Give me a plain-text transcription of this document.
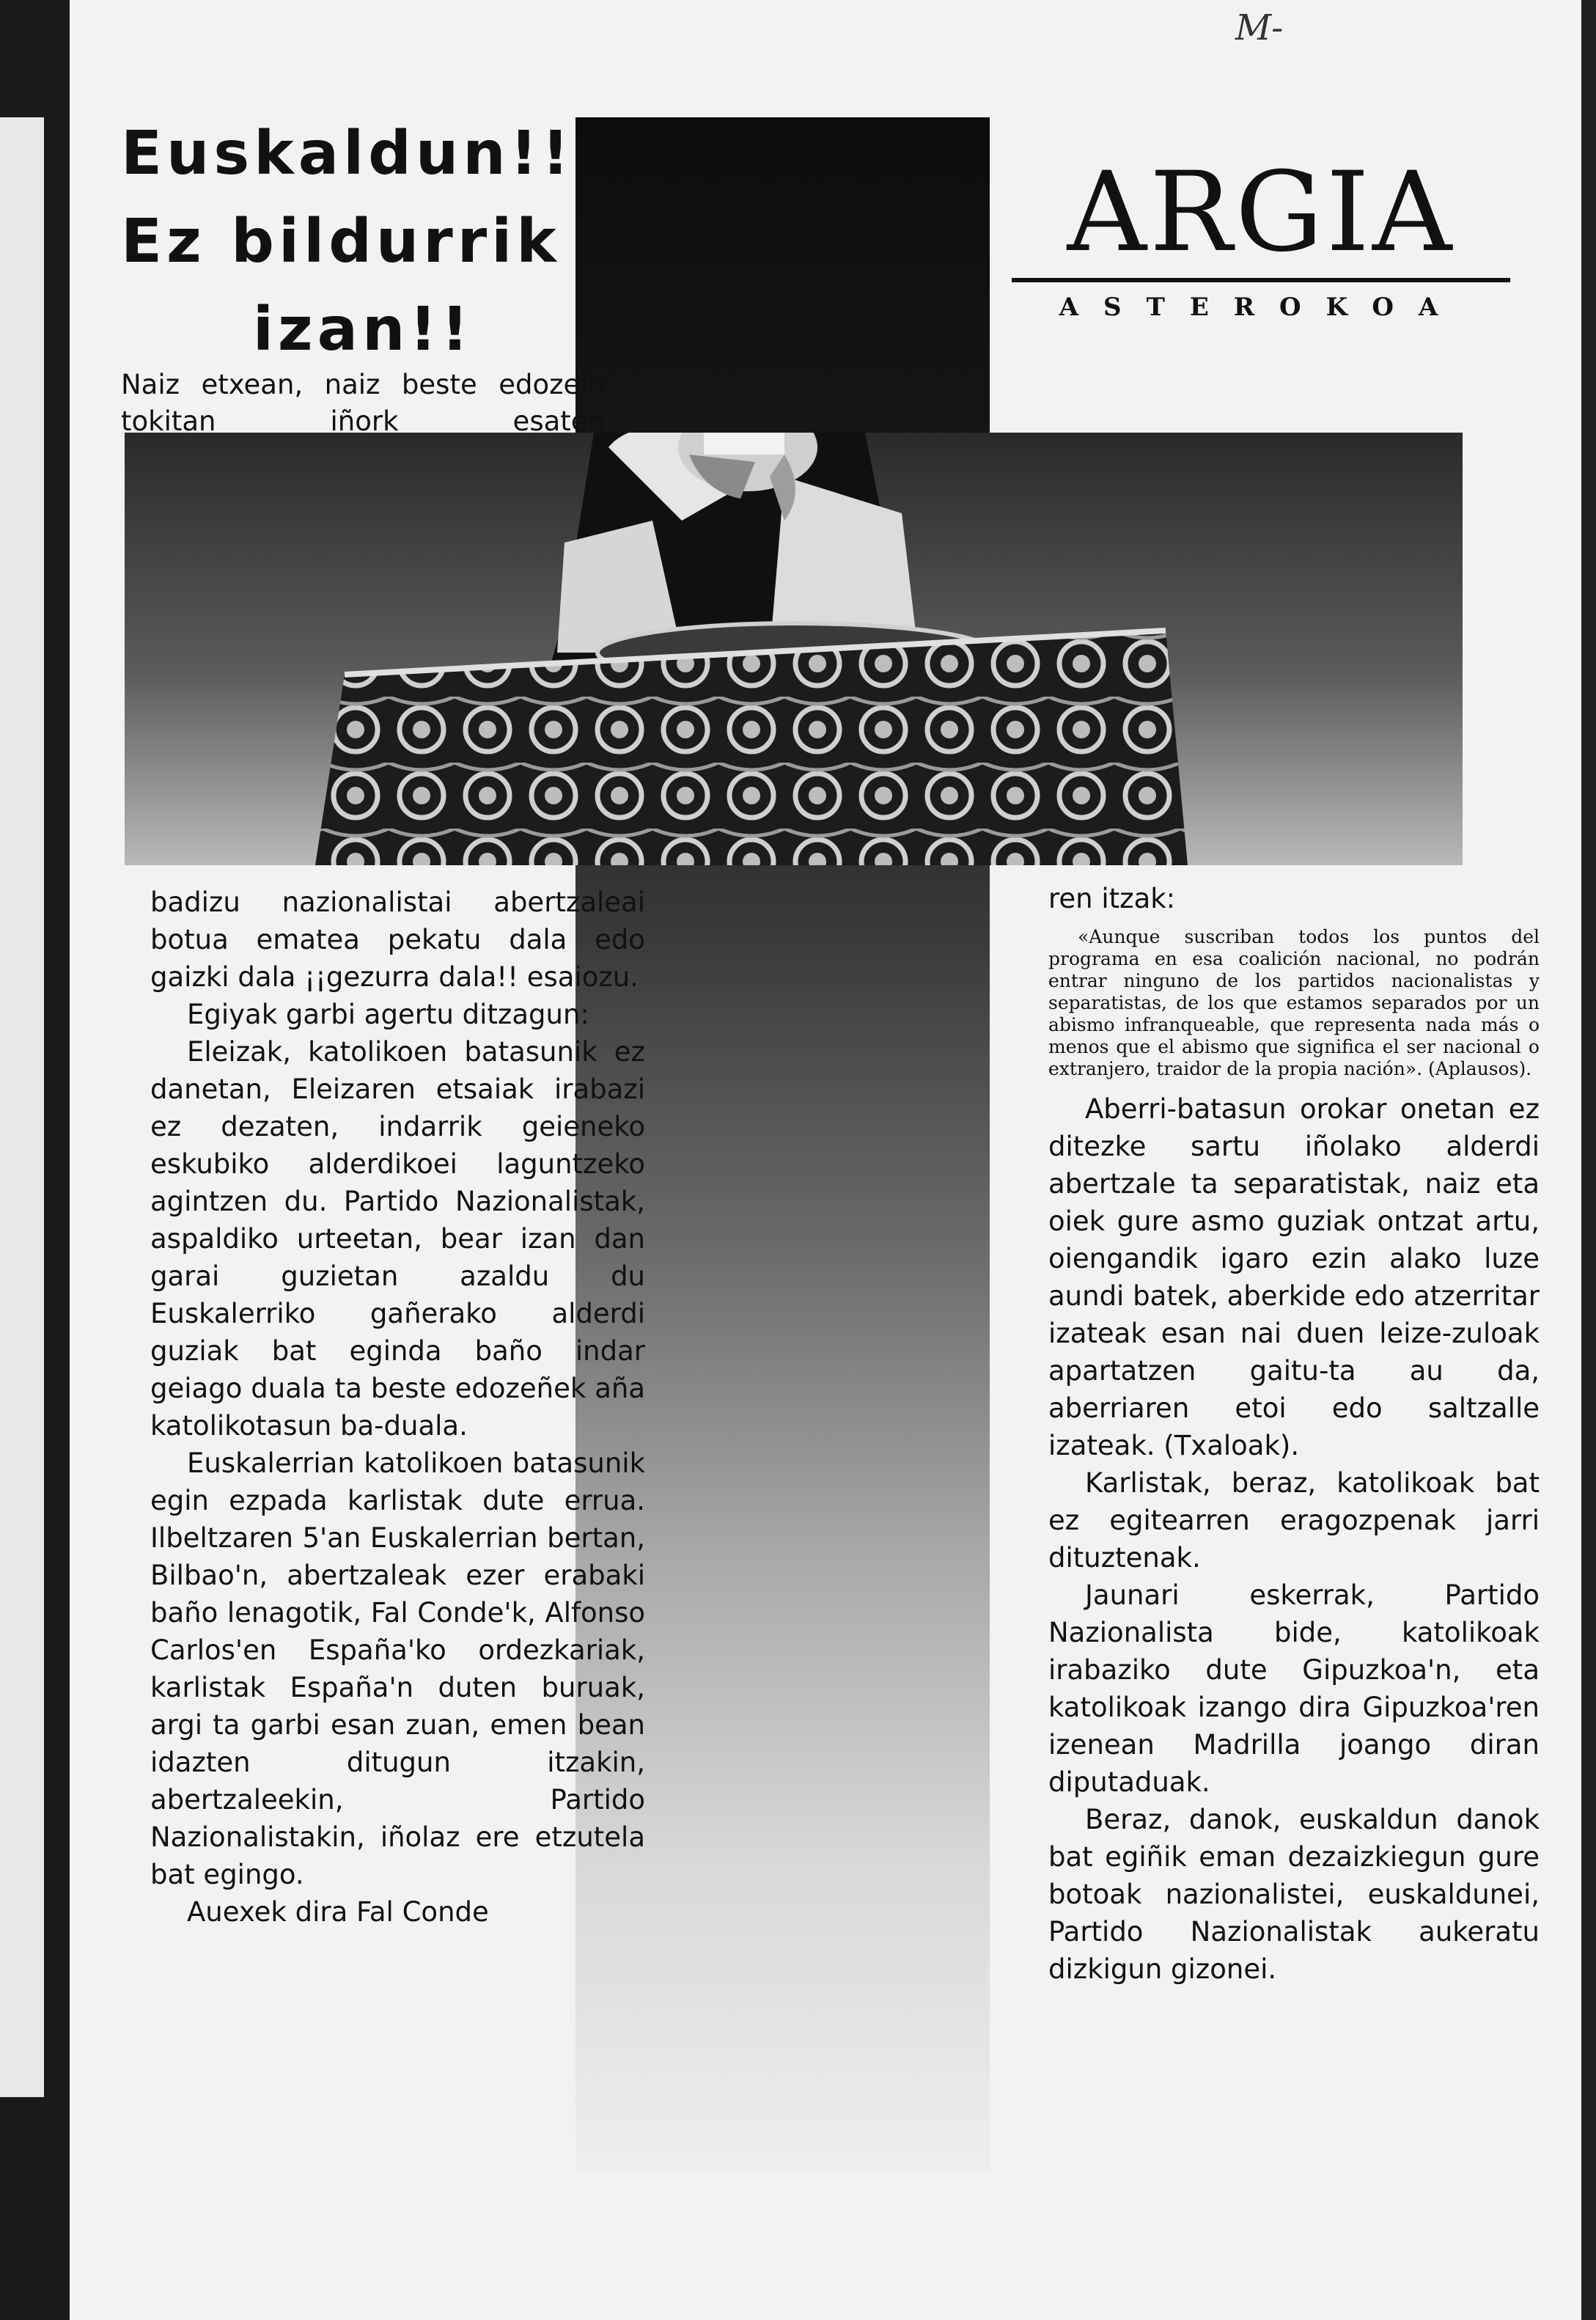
Euskaldun!!
Ez bildurrik
izan!!
Naiz etxean, naiz beste edozein tokitan iñork esaten
ARGIA
ASTEROKOA

badizu nazionalistai abertzaleai botua ematea pekatu dala edo gaizki dala ¡¡gezurra dala!! esaiozu.

Egiyak garbi agertu ditzagun:

Eleizak, katolikoen batasunik ez danetan, Eleizaren etsaiak irabazi ez dezaten, indarrik geieneko eskubiko alderdikoei laguntzeko agintzen du. Partido Nazionalistak, aspaldiko urteetan, bear izan dan garai guzietan azaldu du Euskalerriko gañerako alderdi guziak bat eginda baño indar geiago duala ta beste edozeñek aña katolikotasun ba-duala.

Euskalerrian katolikoen batasunik egin ezpada karlistak dute errua. Ilbeltzaren 5'an Euskalerrian bertan, Bilbao'n, abertzaleak ezer erabaki baño lenagotik, Fal Conde'k, Alfonso Carlos'en España'ko ordezkariak, karlistak España'n duten buruak, argi ta garbi esan zuan, emen bean idazten ditugun itzakin, abertzaleekin, Partido Nazionalistakin, iñolaz ere etzutela bat egingo.

Auexek dira Fal Conde

ren itzak:

«Aunque suscriban todos los puntos del programa en esa coalición nacional, no podrán entrar ninguno de los partidos nacionalistas y separatistas, de los que estamos separados por un abismo infranqueable, que representa nada más o menos que el abismo que significa el ser nacional o extranjero, traidor de la propia nación». (Aplausos).

Aberri-batasun orokar onetan ez ditezke sartu iñolako alderdi abertzale ta separatistak, naiz eta oiek gure asmo guziak ontzat artu, oiengandik igaro ezin alako luze aundi batek, aberkide edo atzerritar izateak esan nai duen leize-zuloak apartatzen gaitu-ta au da, aberriaren etoi edo saltzalle izateak. (Txaloak).

Karlistak, beraz, katolikoak bat ez egitearren eragozpenak jarri dituztenak.

Jaunari eskerrak, Partido Nazionalista bide, katolikoak irabaziko dute Gipuzkoa'n, eta katolikoak izango dira Gipuzkoa'ren izenean Madrilla joango diran diputaduak.

Beraz, danok, euskaldun danok bat egiñik eman dezaizkiegun gure botoak nazionalistei, euskaldunei, Partido Nazionalistak aukeratu dizkigun gizonei.

M-
